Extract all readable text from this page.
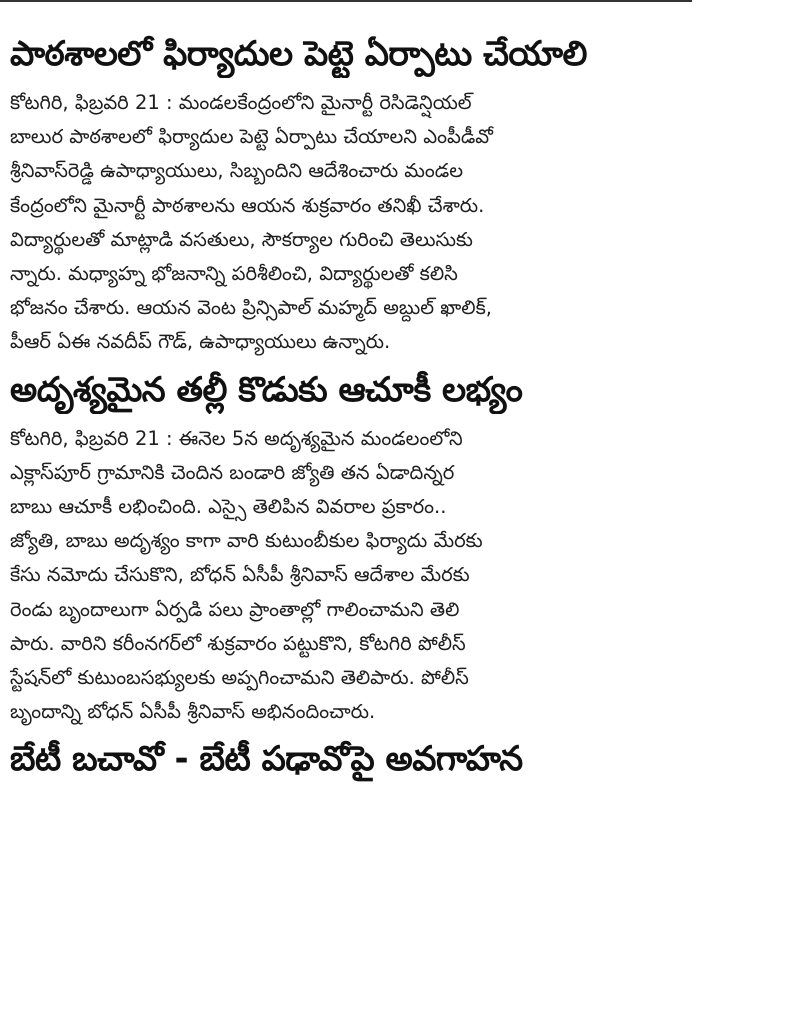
పాఠశాలలో ఫిర్యాదుల పెట్టె ఏర్పాటు చేయాలి
కోటగిరి, ఫిబ్రవరి 21 : మండలకేంద్రంలోని మైనార్టీ రెసిడెన్షియల్
బాలుర పాఠశాలలో ఫిర్యాదుల పెట్టె ఏర్పాటు చేయాలని ఎంపీడీవో
శ్రీనివాస్‌రెడ్డి ఉపాధ్యాయులు, సిబ్బందిని ఆదేశించారు మండల
కేంద్రంలోని మైనార్టీ పాఠశాలను ఆయన శుక్రవారం తనిఖీ చేశారు.
విద్యార్థులతో మాట్లాడి వసతులు, సౌకర్యాల గురించి తెలుసుకు
న్నారు. మధ్యాహ్న భోజనాన్ని పరిశీలించి, విద్యార్థులతో కలిసి
భోజనం చేశారు. ఆయన వెంట ప్రిన్సిపాల్ మహ్మద్ అబ్దుల్ ఖాలిక్,
పీఆర్ ఏఈ నవదీప్ గౌడ్, ఉపాధ్యాయులు ఉన్నారు.
అదృశ్యమైన తల్లీ కొడుకు ఆచూకీ లభ్యం
కోటగిరి, ఫిబ్రవరి 21 : ఈనెల 5న అదృశ్యమైన మండలంలోని
ఎక్లాస్‌పూర్ గ్రామానికి చెందిన బండారి జ్యోతి తన ఏడాదిన్నర
బాబు ఆచూకీ లభించింది. ఎస్సై తెలిపిన వివరాల ప్రకారం..
జ్యోతి, బాబు అదృశ్యం కాగా వారి కుటుంబీకుల ఫిర్యాదు మేరకు
కేసు నమోదు చేసుకొని, బోధన్ ఏసీపీ శ్రీనివాస్ ఆదేశాల మేరకు
రెండు బృందాలుగా ఏర్పడి పలు ప్రాంతాల్లో గాలించామని తెలి
పారు. వారిని కరీంనగర్‌లో శుక్రవారం పట్టుకొని, కోటగిరి పోలీస్
స్టేషన్‌లో కుటుంబసభ్యులకు అప్పగించామని తెలిపారు. పోలీస్
బృందాన్ని బోధన్ ఏసీపీ శ్రీనివాస్ అభినందించారు.
బేటీ బచావో - బేటీ పఢావోపై అవగాహన
